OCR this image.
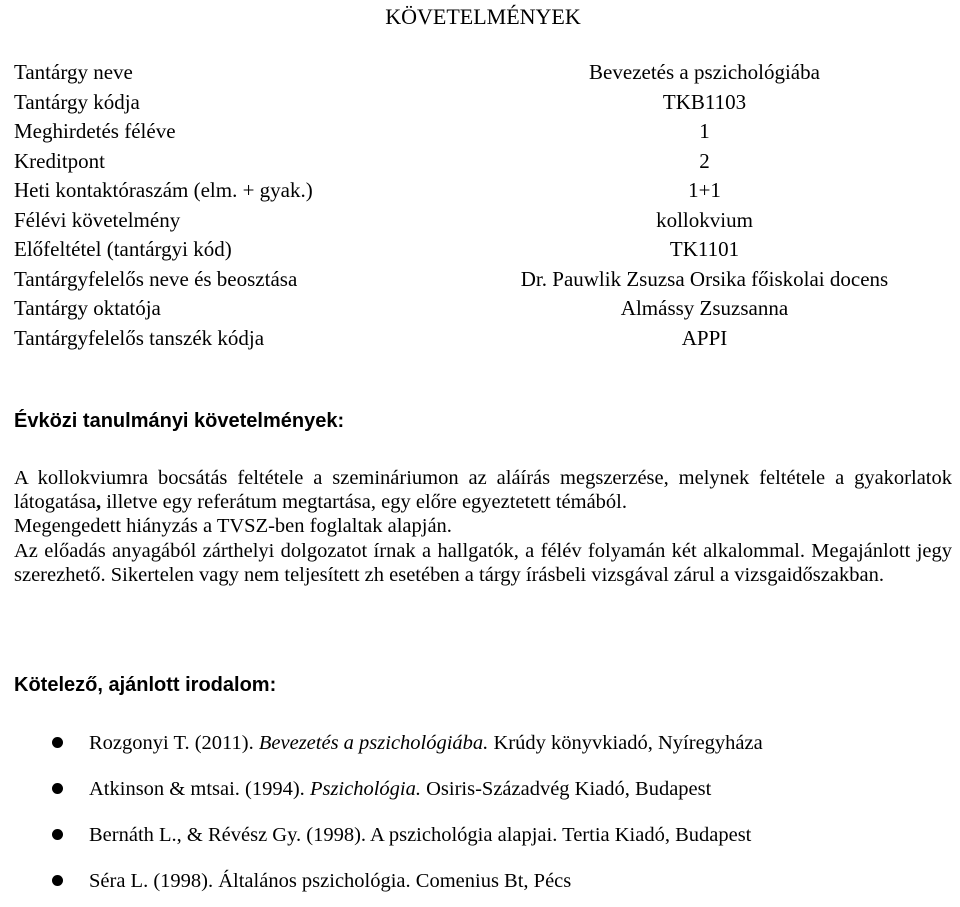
KÖVETELMÉNYEK
Tantárgy neve	Bevezetés a pszichológiába
Tantárgy kódja	TKB1103
Meghirdetés féléve	1
Kreditpont	2
Heti kontaktóraszám (elm. + gyak.)	1+1
Félévi követelmény	kollokvium
Előfeltétel (tantárgyi kód)	TK1101
Tantárgyfelelős neve és beosztása	Dr. Pauwlik Zsuzsa Orsika főiskolai docens
Tantárgy oktatója	Almássy Zsuzsanna
Tantárgyfelelős tanszék kódja	APPI
Évközi tanulmányi követelmények:

A kollokviumra bocsátás feltétele a szemináriumon az aláírás megszerzése, melynek feltétele a gyakorlatok látogatása, illetve egy referátum megtartása, egy előre egyeztetett témából.

Megengedett hiányzás a TVSZ-ben foglaltak alapján.

Az előadás anyagából zárthelyi dolgozatot írnak a hallgatók, a félév folyamán két alkalommal. Megajánlott jegy szerezhető. Sikertelen vagy nem teljesített zh esetében a tárgy írásbeli vizsgával zárul a vizsgaidőszakban.

Kötelező, ajánlott irodalom:
Rozgonyi T. (2011). Bevezetés a pszichológiába. Krúdy könyvkiadó, Nyíregyháza
Atkinson & mtsai. (1994). Pszichológia. Osiris-Századvég Kiadó, Budapest
Bernáth L., & Révész Gy. (1998). A pszichológia alapjai. Tertia Kiadó, Budapest
Séra L. (1998). Általános pszichológia. Comenius Bt, Pécs
